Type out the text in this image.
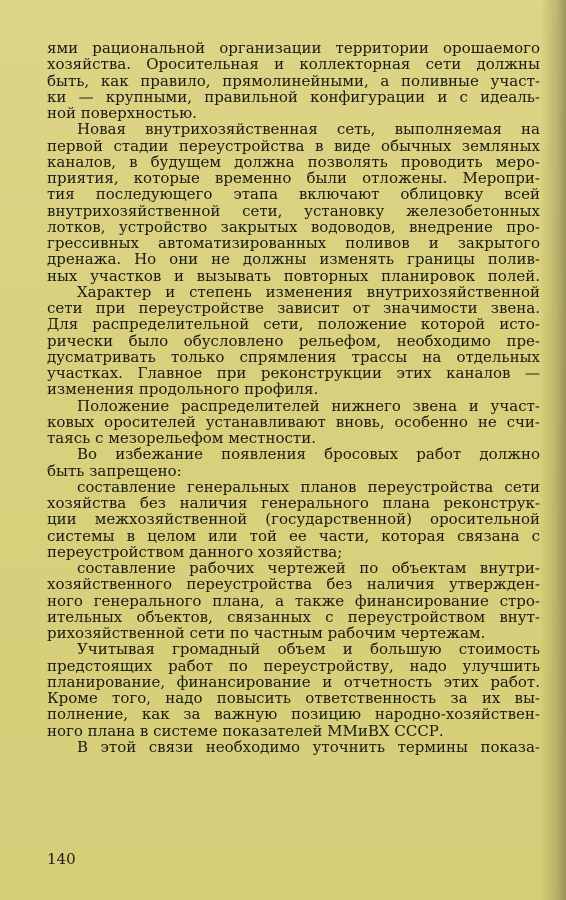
ями рациональной организации территории орошаемого
хозяйства. Оросительная и коллекторная сети должны
быть, как правило, прямолинейными, а поливные участ-
ки — крупными, правильной конфигурации и с идеаль-
ной поверхностью.
Новая внутрихозяйственная сеть, выполняемая на
первой стадии переустройства в виде обычных земляных
каналов, в будущем должна позволять проводить меро-
приятия, которые временно были отложены. Меропри-
тия последующего этапа включают облицовку всей
внутрихозяйственной сети, установку железобетонных
лотков, устройство закрытых водоводов, внедрение про-
грессивных автоматизированных поливов и закрытого
дренажа. Но они не должны изменять границы полив-
ных участков и вызывать повторных планировок полей.
Характер и степень изменения внутрихозяйственной
сети при переустройстве зависит от значимости звена.
Для распределительной сети, положение которой исто-
рически было обусловлено рельефом, необходимо пре-
дусматривать только спрямления трассы на отдельных
участках. Главное при реконструкции этих каналов —
изменения продольного профиля.
Положение распределителей нижнего звена и участ-
ковых оросителей устанавливают вновь, особенно не счи-
таясь с мезорельефом местности.
Во избежание появления бросовых работ должно
быть запрещено:
составление генеральных планов переустройства сети
хозяйства без наличия генерального плана реконструк-
ции межхозяйственной (государственной) оросительной
системы в целом или той ее части, которая связана с
переустройством данного хозяйства;
составление рабочих чертежей по объектам внутри-
хозяйственного переустройства без наличия утвержден-
ного генерального плана, а также финансирование стро-
ительных объектов, связанных с переустройством внут-
рихозяйственной сети по частным рабочим чертежам.
Учитывая громадный объем и большую стоимость
предстоящих работ по переустройству, надо улучшить
планирование, финансирование и отчетность этих работ.
Кроме того, надо повысить ответственность за их вы-
полнение, как за важную позицию народно-хозяйствен-
ного плана в системе показателей ММиВХ СССР.
В этой связи необходимо уточнить термины показа-
140
